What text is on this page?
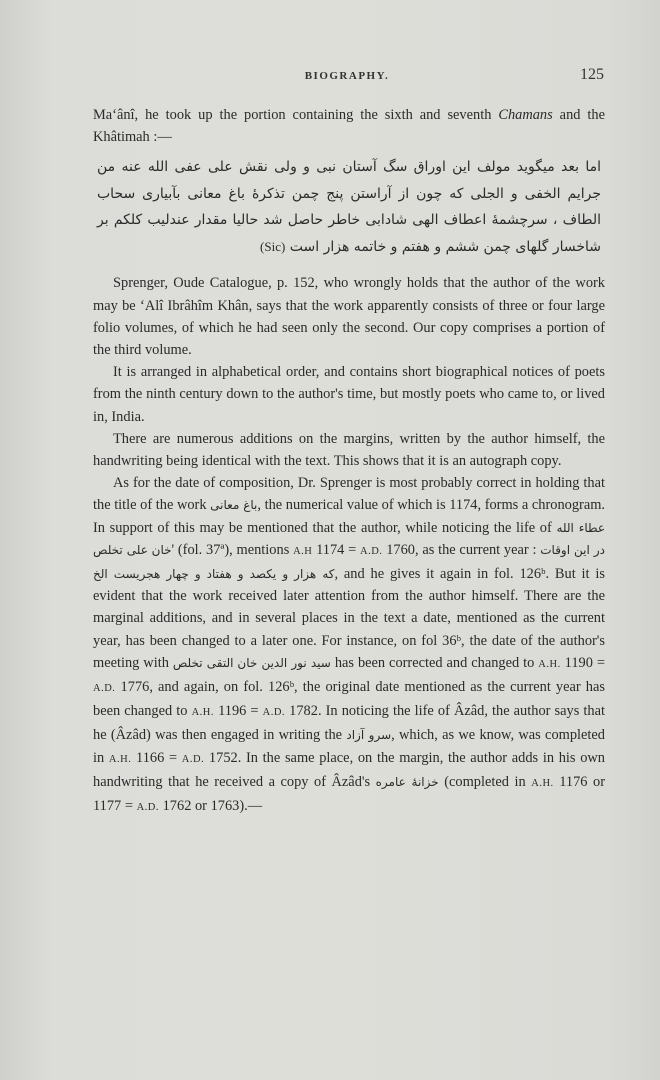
BIOGRAPHY.	125

Ma‘ânî, he took up the portion containing the sixth and seventh Chamans and the Khâtimah :—

اما بعد میگوید مولف این اوراق سگ آستان نبی و ولی نقش علی عفی الله عنه من جرایم الخفی و الجلی که چون از آراستن پنج چمن تذکرهٔ باغ معانی بآبیاری سحاب الطاف ، سرچشمهٔ اعطاف الهی شادابی خاطر حاصل شد حالیا مقدار عندلیب کلکم بر شاخسار گلهای چمن ششم و هفتم و خاتمه هزار است (Sic)

Sprenger, Oude Catalogue, p. 152, who wrongly holds that the author of the work may be ‘Alî Ibrâhîm Khân, says that the work apparently consists of three or four large folio volumes, of which he had seen only the second. Our copy comprises a portion of the third volume.

It is arranged in alphabetical order, and contains short biographical notices of poets from the ninth century down to the author's time, but mostly poets who came to, or lived in, India.

There are numerous additions on the margins, written by the author himself, the handwriting being identical with the text. This shows that it is an autograph copy.

As for the date of composition, Dr. Sprenger is most probably correct in holding that the title of the work باغ معانی, the numerical value of which is 1174, forms a chronogram. In support of this may be mentioned that the author, while noticing the life of عطاء الله خان علی تخلص ' (fol. 37ª), mentions A.H 1174 = A.D. 1760, as the current year : در این اوقات که هزار و یکصد و هفتاد و چهار هجریست الخ, and he gives it again in fol. 126ᵇ. But it is evident that the work received later attention from the author himself. There are the marginal additions, and in several places in the text a date, mentioned as the current year, has been changed to a later one. For instance, on fol 36ᵇ, the date of the author's meeting with	سید نور الدین خان التقی تخلص	has been corrected and changed to A.H. 1190 = A.D. 1776, and again, on fol. 126ᵇ, the original date mentioned as the current year has been changed to A.H. 1196 = A.D. 1782. In noticing the life of Âzâd, the author says that he (Âzâd) was then engaged in writing the سرو آزاد, which, as we know, was completed in A.H. 1166 = A.D. 1752. In the same place, on the margin, the author adds in his own handwriting that he received a copy of Âzâd's خزانهٔ عامره (completed in A.H. 1176 or 1177 = A.D. 1762 or 1763).—
